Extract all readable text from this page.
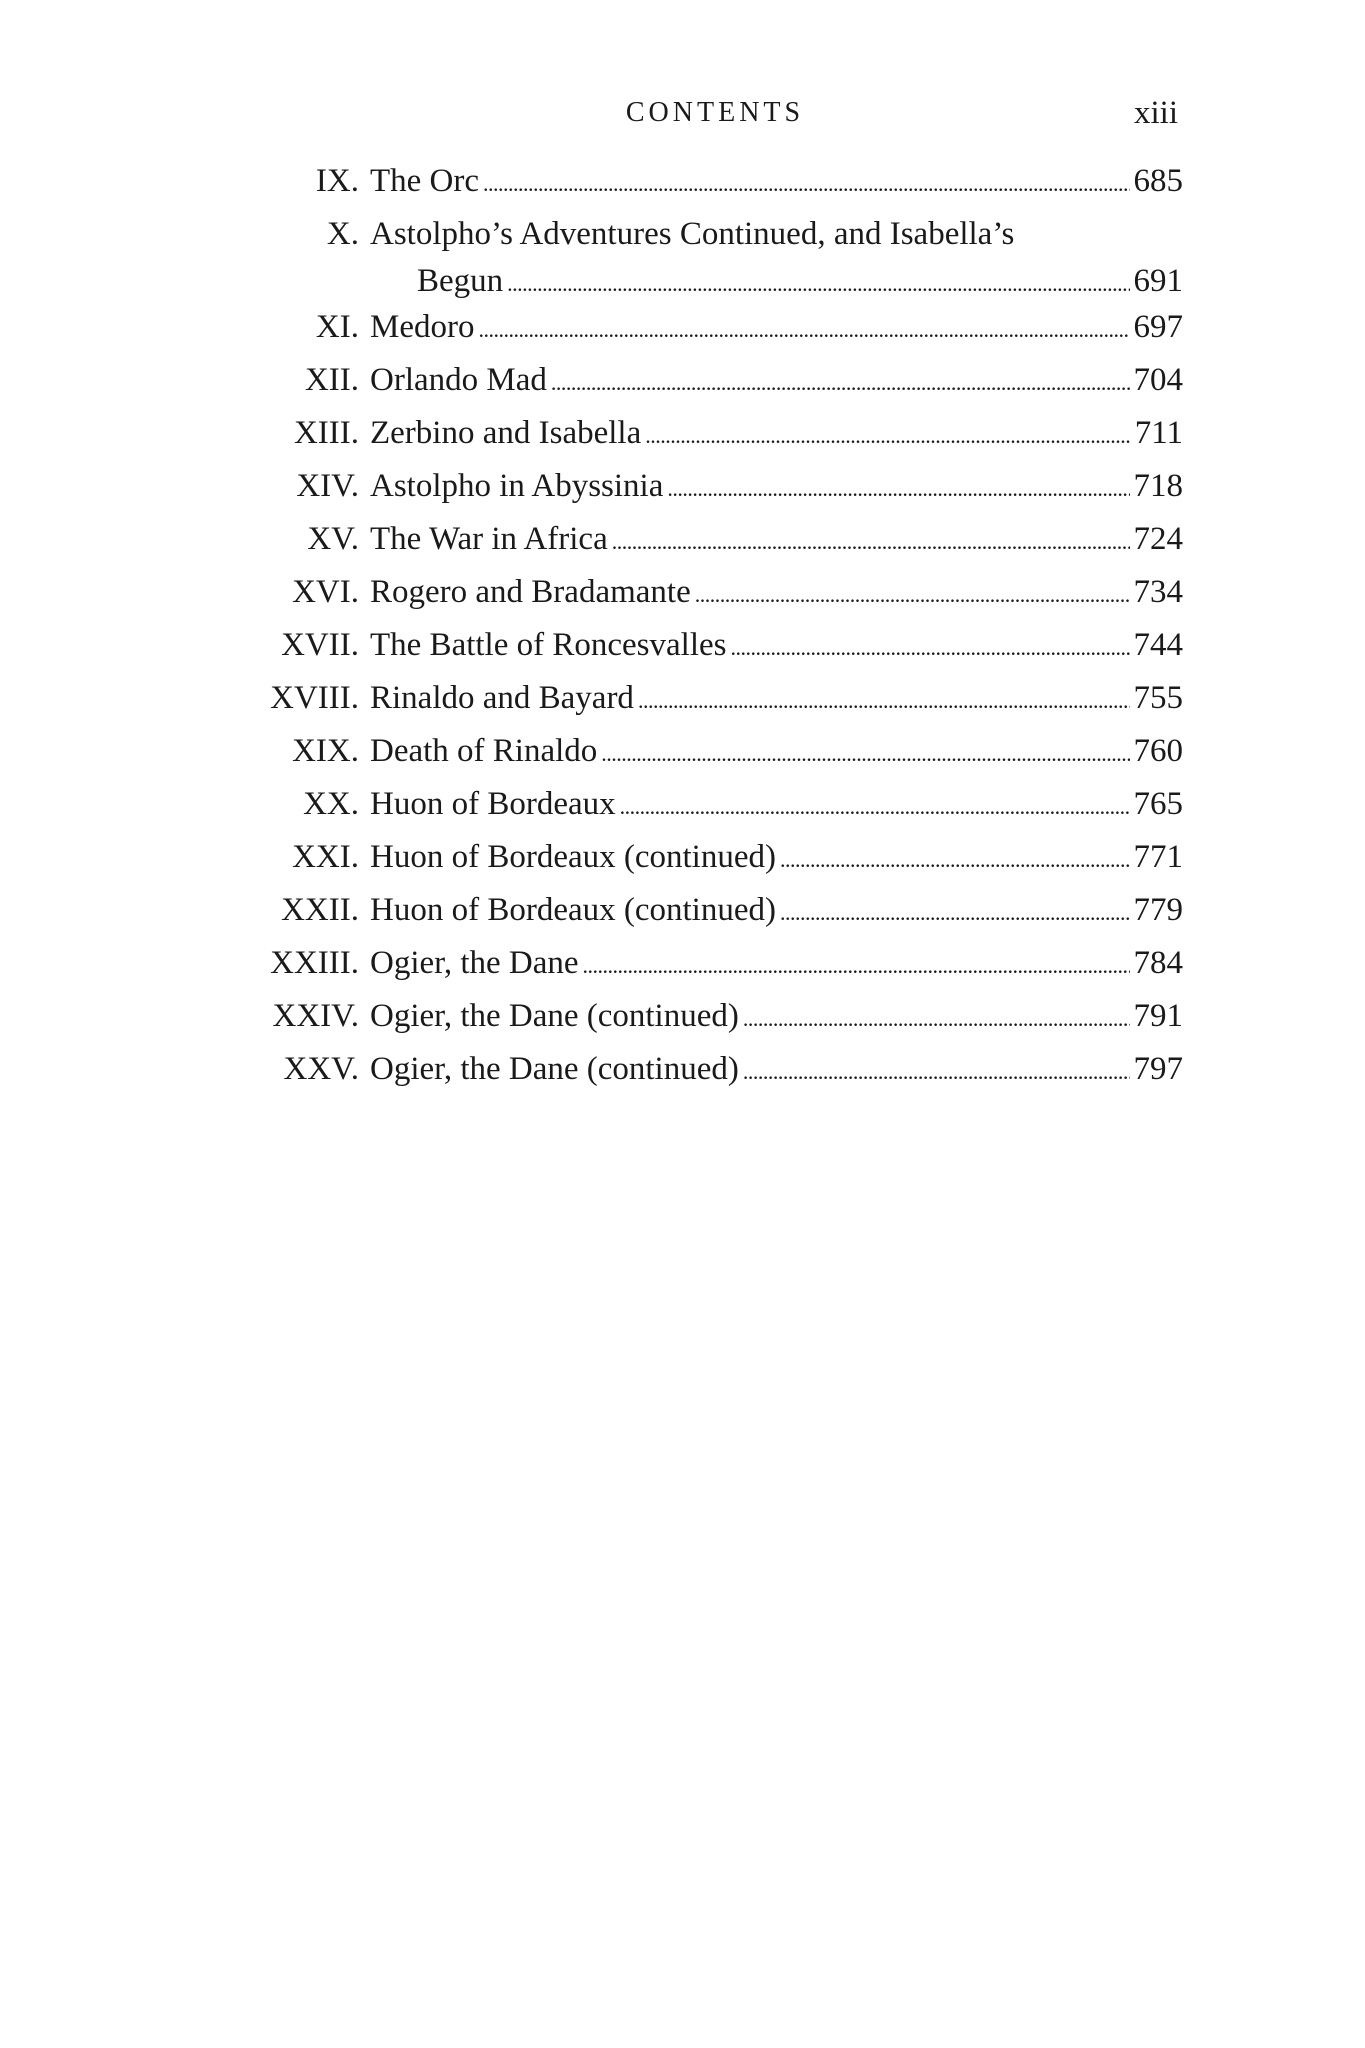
CONTENTS	xiii
IX. The Orc . . .	685
X. Astolpho’s Adventures Continued, and Isabella’s
Begun . . .	691
XI. Medoro . . .	697
XII. Orlando Mad . . .	704
XIII. Zerbino and Isabella . . .	711
XIV. Astolpho in Abyssinia . . .	718
XV. The War in Africa . . .	724
XVI. Rogero and Bradamante . . .	734
XVII. The Battle of Roncesvalles . . .	744
XVIII. Rinaldo and Bayard . . .	755
XIX. Death of Rinaldo . . .	760
XX. Huon of Bordeaux . . .	765
XXI. Huon of Bordeaux (continued) . . .	771
XXII. Huon of Bordeaux (continued) . . .	779
XXIII. Ogier, the Dane . . .	784
XXIV. Ogier, the Dane (continued) . . .	791
XXV. Ogier, the Dane (continued) . . .	797
